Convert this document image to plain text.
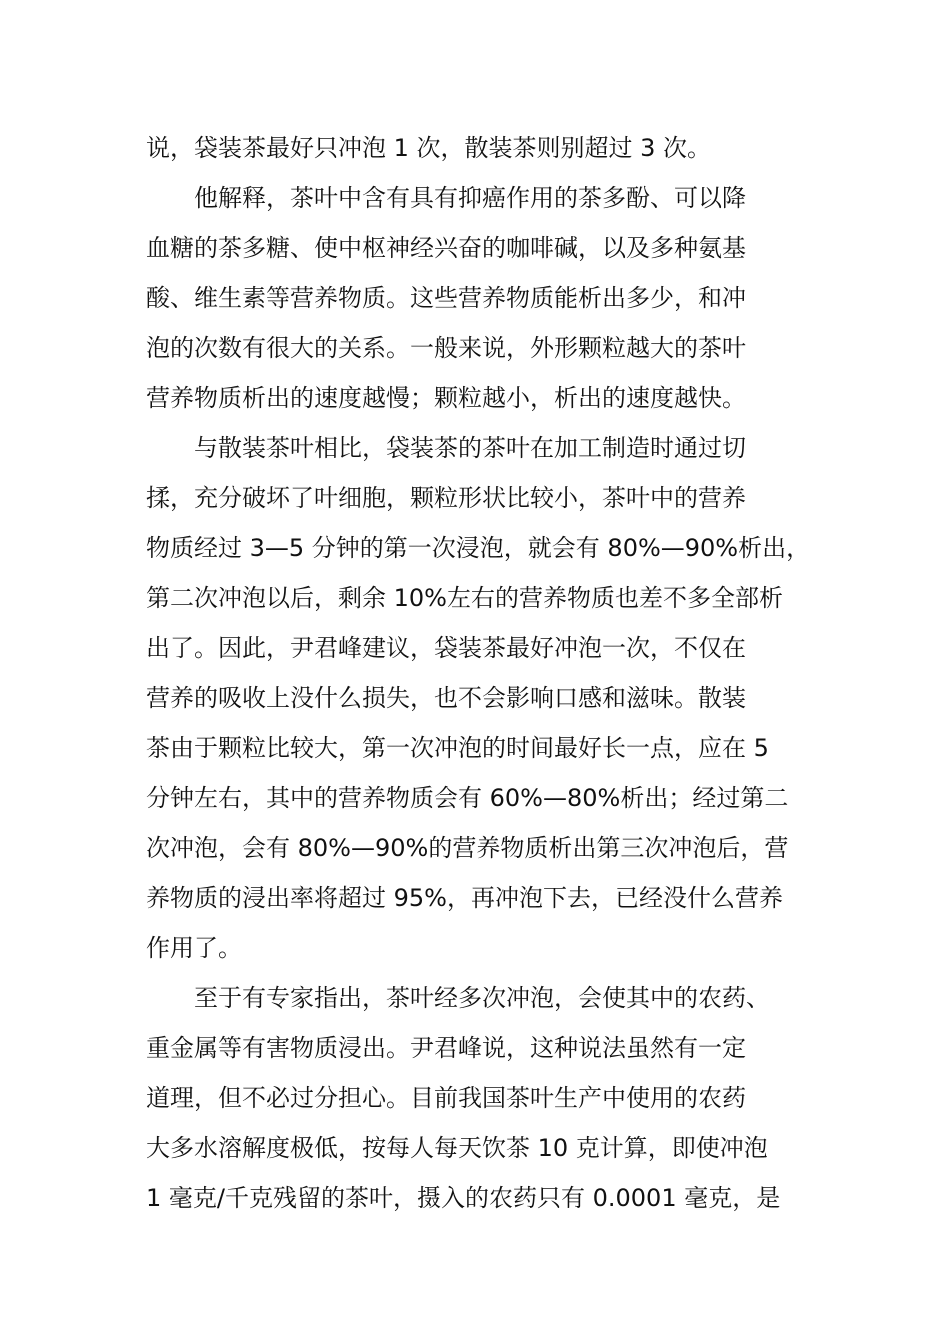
说，袋装茶最好只冲泡 1 次，散装茶则别超过 3 次。
　　他解释，茶叶中含有具有抑癌作用的茶多酚、可以降
血糖的茶多糖、使中枢神经兴奋的咖啡碱，以及多种氨基
酸、维生素等营养物质。这些营养物质能析出多少，和冲
泡的次数有很大的关系。一般来说，外形颗粒越大的茶叶
营养物质析出的速度越慢；颗粒越小，析出的速度越快。
　　与散装茶叶相比，袋装茶的茶叶在加工制造时通过切
揉，充分破坏了叶细胞，颗粒形状比较小，茶叶中的营养
物质经过 3—5 分钟的第一次浸泡，就会有 80%—90%析出，
第二次冲泡以后，剩余 10%左右的营养物质也差不多全部析
出了。因此，尹君峰建议，袋装茶最好冲泡一次，不仅在
营养的吸收上没什么损失，也不会影响口感和滋味。散装
茶由于颗粒比较大，第一次冲泡的时间最好长一点，应在 5
分钟左右，其中的营养物质会有 60%—80%析出；经过第二
次冲泡，会有 80%—90%的营养物质析出第三次冲泡后，营
养物质的浸出率将超过 95%，再冲泡下去，已经没什么营养
作用了。
　　至于有专家指出，茶叶经多次冲泡，会使其中的农药、
重金属等有害物质浸出。尹君峰说，这种说法虽然有一定
道理，但不必过分担心。目前我国茶叶生产中使用的农药
大多水溶解度极低，按每人每天饮茶 10 克计算，即使冲泡
1 毫克/千克残留的茶叶，摄入的农药只有 0.0001 毫克，是
